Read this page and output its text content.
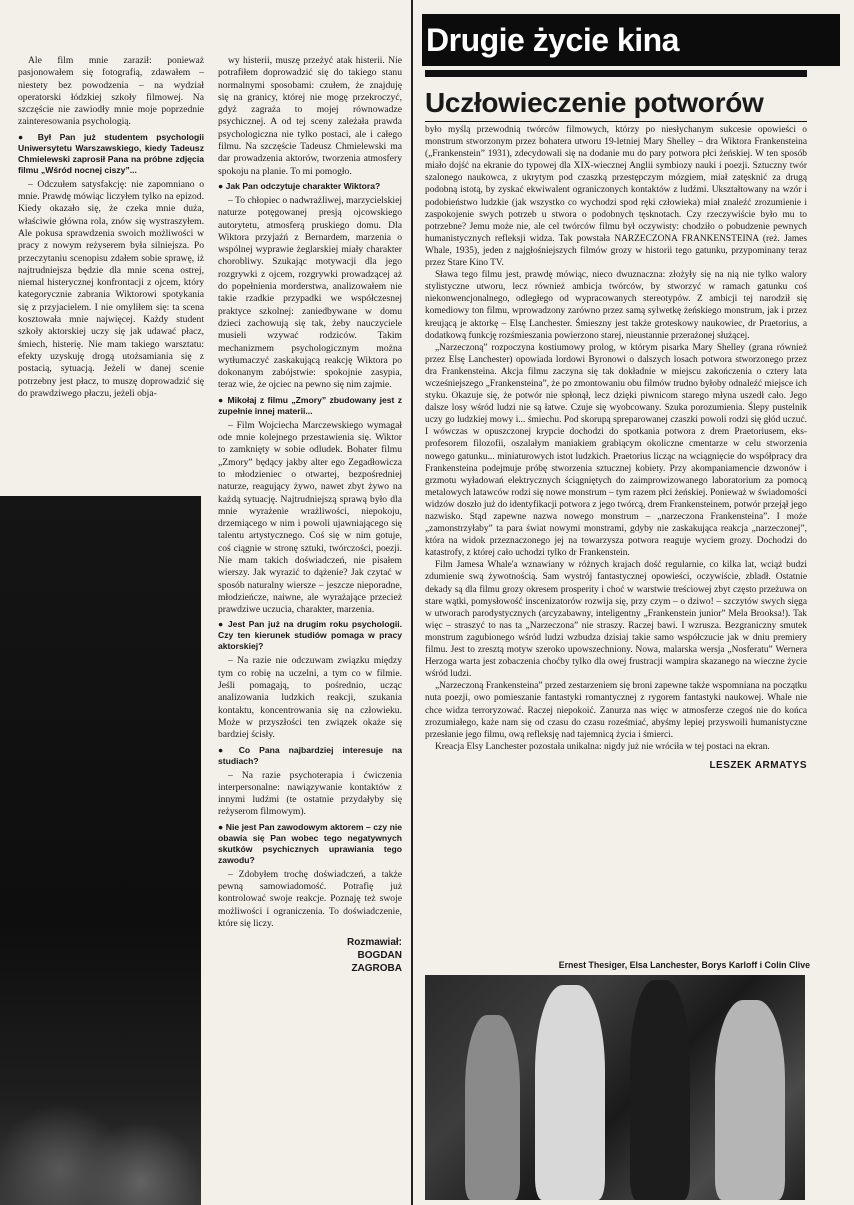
Ale film mnie zaraził: ponieważ pasjonowałem się fotografią, zdawałem – niestety bez powodzenia – na wydział operatorski łódzkiej szkoły filmowej. Na szczęście nie zawiodły mnie moje poprzednie zainteresowania psychologią.

● Był Pan już studentem psychologii Uniwersytetu Warszawskiego, kiedy Tadeusz Chmielewski zaprosił Pana na próbne zdjęcia filmu „Wśród nocnej ciszy”...

– Odczułem satysfakcję: nie zapomniano o mnie. Prawdę mówiąc liczyłem tylko na epizod. Kiedy okazało się, że czeka mnie duża, właściwie główna rola, znów się wystraszyłem. Ale pokusa sprawdzenia swoich możliwości w pracy z nowym reżyserem była silniejsza. Po przeczytaniu scenopisu zdałem sobie sprawę, iż najtrudniejsza będzie dla mnie scena ostrej, niemal histerycznej konfrontacji z ojcem, który kategorycznie zabrania Wiktorowi spotykania się z przyjacielem. I nie omyliłem się: ta scena kosztowała mnie najwięcej. Każdy student szkoły aktorskiej uczy się jak udawać płacz, śmiech, histerię. Nie mam takiego warsztatu: efekty uzyskuję drogą utożsamiania się z postacią, sytuacją. Jeżeli w danej scenie potrzebny jest płacz, to muszę doprowadzić się do prawdziwego płaczu, jeżeli obja-

wy histerii, muszę przeżyć atak histerii. Nie potrafiłem doprowadzić się do takiego stanu normalnymi sposobami: czułem, że znajduję się na granicy, której nie mogę przekroczyć, gdyż zagraża to mojej równowadze psychicznej. A od tej sceny zależała prawda psychologiczna nie tylko postaci, ale i całego filmu. Na szczęście Tadeusz Chmielewski ma dar prowadzenia aktorów, tworzenia atmosfery spokoju na planie. To mi pomogło.

● Jak Pan odczytuje charakter Wiktora?

– To chłopiec o nadwrażliwej, marzycielskiej naturze potęgowanej presją ojcowskiego autorytetu, atmosferą pruskiego domu. Dla Wiktora przyjaźń z Bernardem, marzenia o wspólnej wyprawie żeglarskiej miały charakter chorobliwy. Szukając motywacji dla jego rozgrywki z ojcem, rozgrywki prowadzącej aż do popełnienia morderstwa, analizowałem nie takie rzadkie przypadki we współczesnej praktyce szkolnej: zaniedbywane w domu dzieci zachowują się tak, żeby nauczyciele musieli wzywać rodziców. Takim mechanizmem psychologicznym można wytłumaczyć zaskakującą reakcję Wiktora po dokonanym zabójstwie: spokojnie zasypia, teraz wie, że ojciec na pewno się nim zajmie.

● Mikołaj z filmu „Zmory” zbudowany jest z zupełnie innej materii...

– Film Wojciecha Marczewskiego wymagał ode mnie kolejnego przestawienia się. Wiktor to zamknięty w sobie odludek. Bohater filmu „Zmory” będący jakby alter ego Zegadłowicza to młodzieniec o otwartej, bezpośredniej naturze, reagujący żywo, nawet zbyt żywo na każdą sytuację. Najtrudniejszą sprawą było dla mnie wyrażenie wrażliwości, niepokoju, drzemiącego w nim i powoli ujawniającego się talentu artystycznego. Coś się w nim gotuje, coś ciągnie w stronę sztuki, twórczości, poezji. Nie mam takich doświadczeń, nie pisałem wierszy. Jak wyrazić to dążenie? Jak czytać w sposób naturalny wiersze – jeszcze nieporadne, młodzieńcze, naiwne, ale wyrażające przecież prawdziwe uczucia, charakter, marzenia.

● Jest Pan już na drugim roku psychologii. Czy ten kierunek studiów pomaga w pracy aktorskiej?

– Na razie nie odczuwam związku między tym co robię na uczelni, a tym co w filmie. Jeśli pomagają, to pośrednio, ucząc analizowania ludzkich reakcji, szukania kontaktu, koncentrowania się na człowieku. Może w przyszłości ten związek okaże się bardziej ścisły.

● Co Pana najbardziej interesuje na studiach?

– Na razie psychoterapia i ćwiczenia interpersonalne: nawiązywanie kontaktów z innymi ludźmi (te ostatnie przydałyby się reżyserom filmowym).

● Nie jest Pan zawodowym aktorem – czy nie obawia się Pan wobec tego negatywnych skutków psychicznych uprawiania tego zawodu?

– Zdobyłem trochę doświadczeń, a także pewną samowiadomość. Potrafię już kontrolować swoje reakcje. Poznaję też swoje możliwości i ograniczenia. To doświadczenie, które się liczy.

Rozmawiał:
BOGDAN
ZAGROBA
Drugie życie kina
Uczłowieczenie potworów

było myślą przewodnią twórców filmowych, którzy po niesłychanym sukcesie opowieści o monstrum stworzonym przez bohatera utworu 19-letniej Mary Shelley – dra Wiktora Frankensteina („Frankenstein” 1931), zdecydowali się na dodanie mu do pary potwora płci żeńskiej. W ten sposób miało dojść na ekranie do typowej dla XIX-wiecznej Anglii symbiozy nauki i poezji. Sztuczny twór szalonego naukowca, z ukrytym pod czaszką przestępczym mózgiem, miał zatęsknić za drugą podobną istotą, by zyskać ekwiwalent ograniczonych kontaktów z ludźmi. Ukształtowany na wzór i podobieństwo ludzkie (jak wszystko co wychodzi spod ręki człowieka) miał znaleźć zrozumienie i zaspokojenie swych potrzeb u stwora o podobnych tęsknotach. Czy rzeczywiście było mu to potrzebne? Jemu może nie, ale cel twórców filmu był oczywisty: chodziło o pobudzenie pewnych humanistycznych refleksji widza. Tak powstała NARZECZONA FRANKENSTEINA (reż. James Whale, 1935), jeden z najgłośniejszych filmów grozy w historii tego gatunku, przypominany teraz przez Stare Kino TV.

Sława tego filmu jest, prawdę mówiąc, nieco dwuznaczna: złożyły się na nią nie tylko walory stylistyczne utworu, lecz również ambicja twórców, by stworzyć w ramach gatunku coś niekonwencjonalnego, odległego od wypracowanych stereotypów. Z ambicji tej narodził się komediowy ton filmu, wprowadzony zarówno przez samą sylwetkę żeńskiego monstrum, jak i przez kreującą je aktorkę – Elsę Lanchester. Śmieszny jest także groteskowy naukowiec, dr Praetorius, a dodatkową funkcję rozśmieszania powierzono starej, nieustannie przerażonej służącej.

„Narzeczoną” rozpoczyna kostiumowy prolog, w którym pisarka Mary Shelley (grana również przez Elsę Lanchester) opowiada lordowi Byronowi o dalszych losach potwora stworzonego przez dra Frankensteina. Akcja filmu zaczyna się tak dokładnie w miejscu zakończenia o cztery lata wcześniejszego „Frankensteina”, że po zmontowaniu obu filmów trudno byłoby odnaleźć miejsce ich styku. Okazuje się, że potwór nie spłonął, lecz dzięki piwnicom starego młyna uszedł cało. Jego dalsze losy wśród ludzi nie są łatwe. Czuje się wyobcowany. Szuka porozumienia. Ślepy pustelnik uczy go ludzkiej mowy i... śmiechu. Pod skorupą spreparowanej czaszki powoli rodzi się głód uczuć. I wówczas w opuszczonej krypcie dochodzi do spotkania potwora z drem Praetoriusem, eks-profesorem filozofii, oszalałym maniakiem grabiącym okoliczne cmentarze w celu stworzenia nowego gatunku... miniaturowych istot ludzkich. Praetorius licząc na wciągnięcie do współpracy dra Frankensteina podejmuje próbę stworzenia sztucznej kobiety. Przy akompaniamencie dzwonów i grzmotu wyładowań elektrycznych ściągniętych do zaimprowizowanego laboratorium za pomocą metalowych latawców rodzi się nowe monstrum – tym razem płci żeńskiej. Ponieważ w świadomości widzów doszło już do identyfikacji potwora z jego twórcą, drem Frankensteinem, potwór przejął jego nazwisko. Stąd zapewne nazwa nowego monstrum – „narzeczona Frankensteina”. I może „zamonstrzyłaby” ta para świat nowymi monstrami, gdyby nie zaskakująca reakcja „narzeczonej”, która na widok przeznaczonego jej na towarzysza potwora reaguje wyciem grozy. Dochodzi do katastrofy, z której cało uchodzi tylko dr Frankenstein.

Film Jamesa Whale'a wznawiany w różnych krajach dość regularnie, co kilka lat, wciąż budzi zdumienie swą żywotnością. Sam wystrój fantastycznej opowieści, oczywiście, zbladł. Ostatnie dekady są dla filmu grozy okresem prosperity i choć w warstwie treściowej zbyt często przeżuwa on stare wątki, pomysłowość inscenizatorów rozwija się, przy czym – o dziwo! – szczytów swych sięga w utworach parodystycznych (arcyzabawny, inteligentny „Frankenstein junior” Mela Brooksa!). Tak więc – straszyć to nas ta „Narzeczona” nie straszy. Raczej bawi. I wzrusza. Bezgraniczny smutek monstrum zagubionego wśród ludzi wzbudza dzisiaj takie samo współczucie jak w dniu premiery filmu. Jest to zresztą motyw szeroko upowszechniony. Nowa, malarska wersja „Nosferatu” Wernera Herzoga warta jest zobaczenia choćby tylko dla owej frustracji wampira skazanego na wieczne życie wśród ludzi.

„Narzeczoną Frankensteina” przed zestarzeniem się broni zapewne także wspomniana na początku nuta poezji, owo pomieszanie fantastyki romantycznej z rygorem fantastyki naukowej. Whale nie chce widza terroryzować. Raczej niepokoić. Zanurza nas więc w atmosferze czegoś nie do końca zrozumiałego, każe nam się od czasu do czasu roześmiać, abyśmy lepiej przyswoili humanistyczne przesłanie jego filmu, ową refleksję nad tajemnicą życia i śmierci.

Kreacja Elsy Lanchester pozostała unikalna: nigdy już nie wróciła w tej postaci na ekran.

LESZEK ARMATYS
Ernest Thesiger, Elsa Lanchester, Borys Karloff i Colin Clive
